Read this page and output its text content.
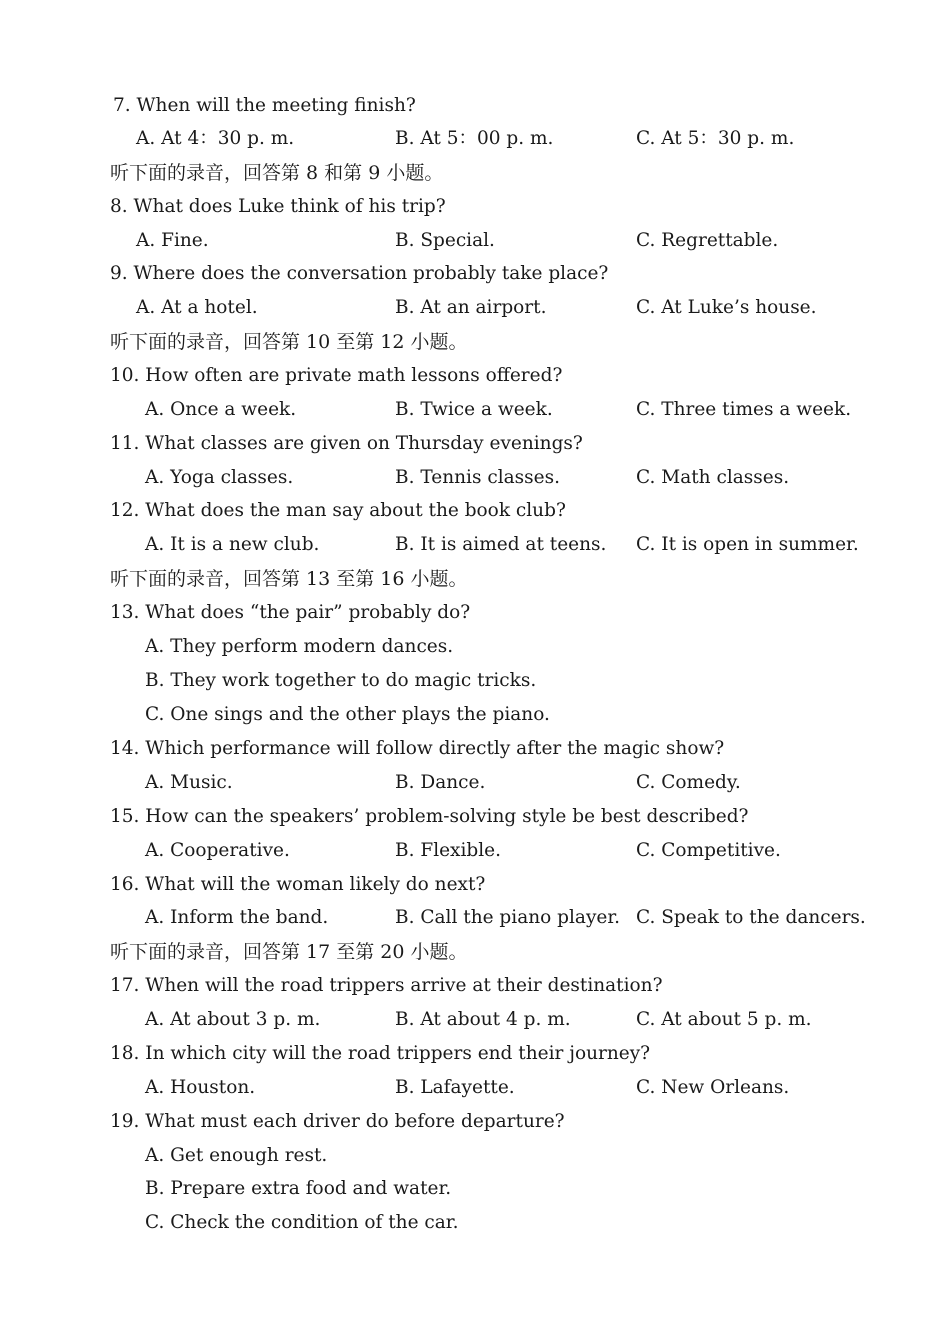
7. When will the meeting finish?
A. At 4：30 p. m.	B. At 5：00 p. m.	C. At 5：30 p. m.
听下面的录音，回答第 8 和第 9 小题。
8. What does Luke think of his trip?
A. Fine.	B. Special.	C. Regrettable.
9. Where does the conversation probably take place?
A. At a hotel.	B. At an airport.	C. At Luke’s house.
听下面的录音，回答第 10 至第 12 小题。
10. How often are private math lessons offered?
A. Once a week.	B. Twice a week.	C. Three times a week.
11. What classes are given on Thursday evenings?
A. Yoga classes.	B. Tennis classes.	C. Math classes.
12. What does the man say about the book club?
A. It is a new club.	B. It is aimed at teens. C. It is open in summer.
听下面的录音，回答第 13 至第 16 小题。
13. What does “the pair” probably do?
A. They perform modern dances.
B. They work together to do magic tricks.
C. One sings and the other plays the piano.
14. Which performance will follow directly after the magic show?
A. Music.	B. Dance.	C. Comedy.
15. How can the speakers’ problem-solving style be best described?
A. Cooperative.	B. Flexible.	C. Competitive.
16. What will the woman likely do next?
A. Inform the band.	B. Call the piano player. C. Speak to the dancers.
听下面的录音，回答第 17 至第 20 小题。
17. When will the road trippers arrive at their destination?
A. At about 3 p. m.	B. At about 4 p. m.	C. At about 5 p. m.
18. In which city will the road trippers end their journey?
A. Houston.	B. Lafayette.	C. New Orleans.
19. What must each driver do before departure?
A. Get enough rest.
B. Prepare extra food and water.
C. Check the condition of the car.
